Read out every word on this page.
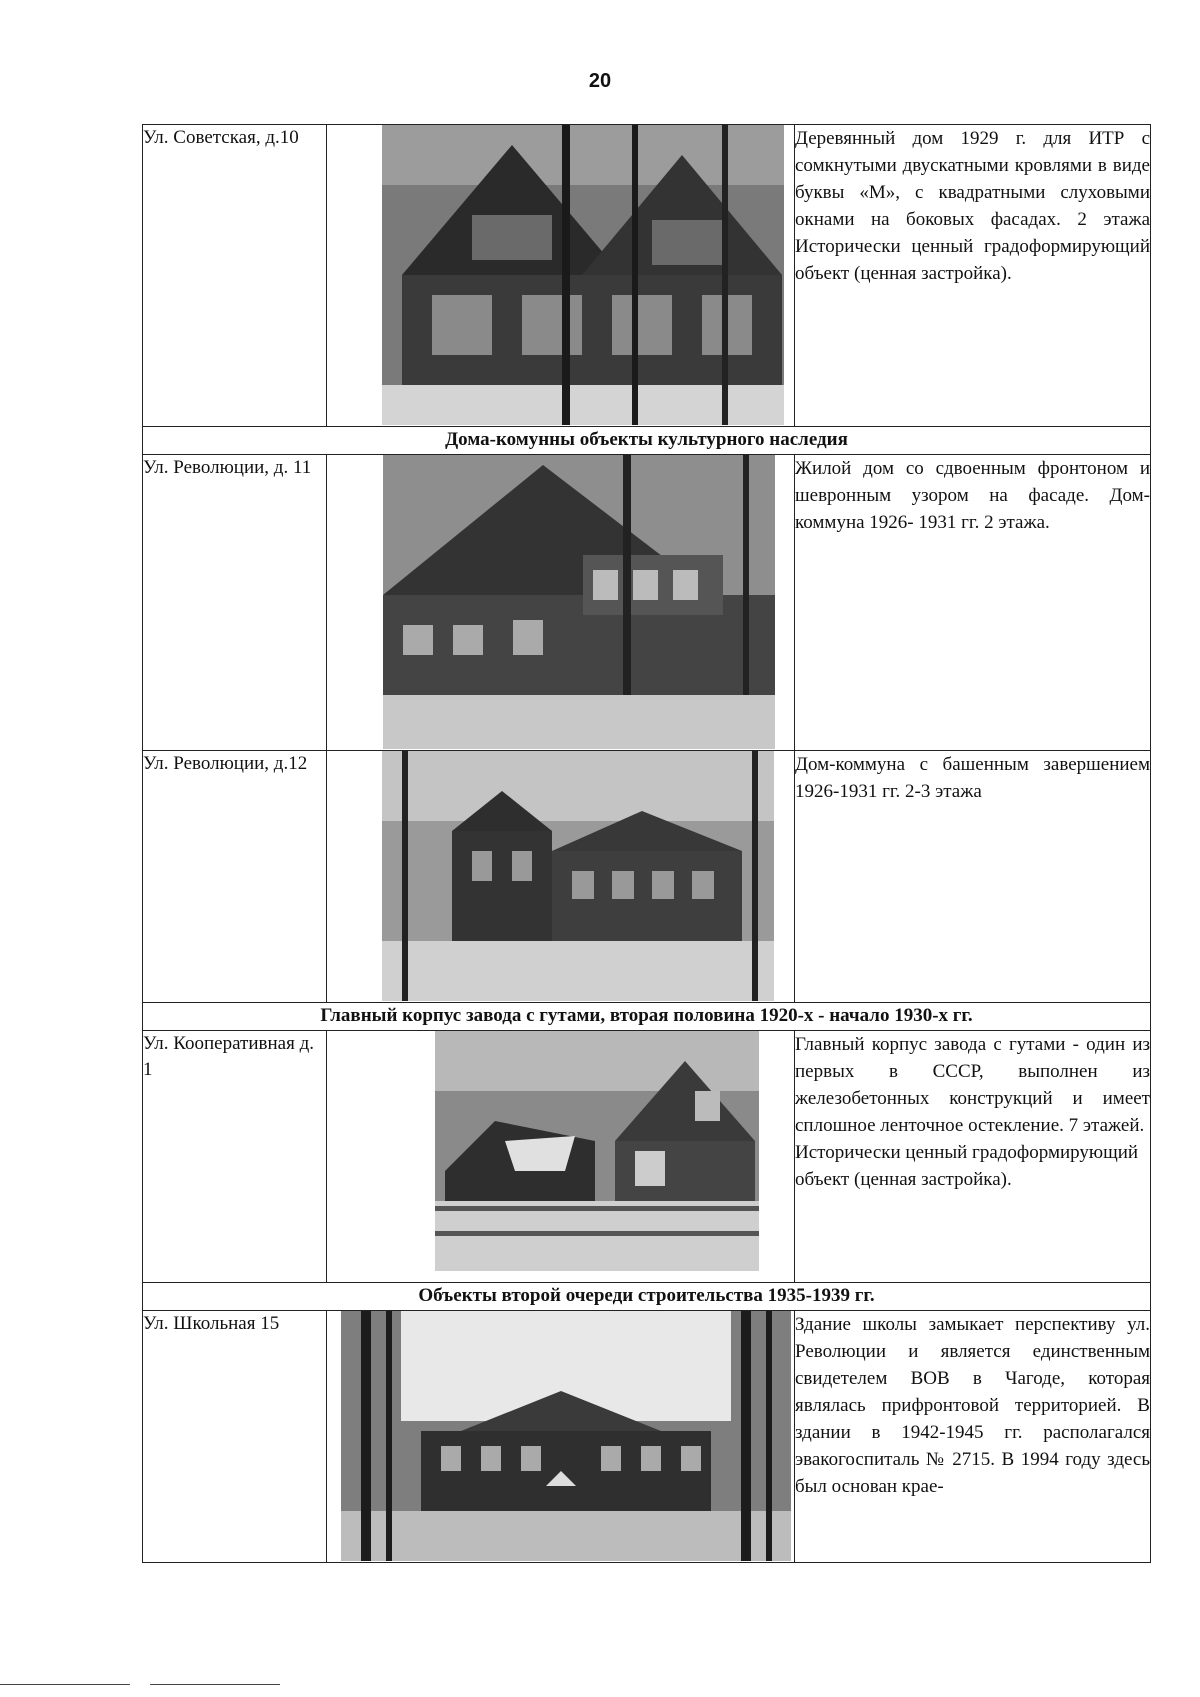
20
Ул. Советская, д.10		Деревянный дом 1929 г. для ИТР с сомкнутыми двускатными кровлями в виде буквы «М», с квадратными слуховыми окнами на боковых фасадах. 2 этажа Исторически ценный градоформирующий объект (ценная застройка).
Дома-комунны объекты культурного наследия		
Ул. Революции, д. 11		Жилой дом со сдвоенным фронтоном и шевронным узором на фасаде. Дом-коммуна 1926- 1931 гг. 2 этажа.
Ул. Революции, д.12		Дом-коммуна с башенным завершением 1926-1931 гг. 2-3 этажа
Главный корпус завода с гутами, вторая половина 1920-х - начало 1930-х гг.		
Ул. Кооперативная д. 1		Главный корпус завода с гутами - один из первых в СССР, выполнен из железобетонных конструкций и имеет сплошное ленточное остекление. 7 этажей.
Исторически ценный градоформирующий объект (ценная застройка).

Объекты второй очереди строительства 1935-1939 гг.		
Ул. Школьная 15		Здание школы замыкает перспективу ул. Революции и является единственным свидетелем ВОВ в Чагоде, которая являлась прифронтовой территорией. В здании в 1942-1945 гг. располагался эвакогоспиталь № 2715. В 1994 году здесь был основан крае-
